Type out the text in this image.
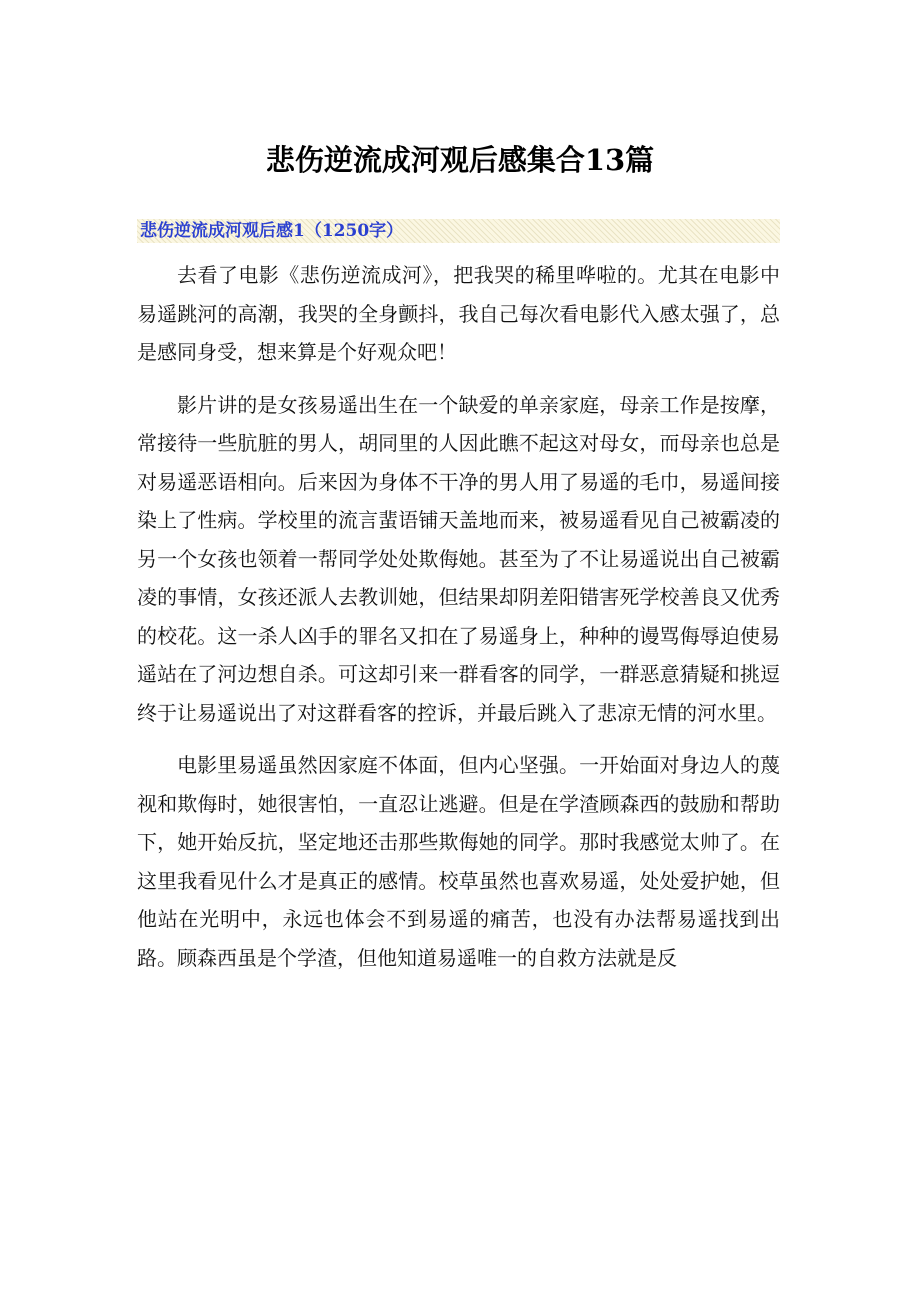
悲伤逆流成河观后感集合13篇
悲伤逆流成河观后感1（1250字）

去看了电影《悲伤逆流成河》，把我哭的稀里哗啦的。尤其在电影中易遥跳河的高潮，我哭的全身颤抖，我自己每次看电影代入感太强了，总是感同身受，想来算是个好观众吧！

影片讲的是女孩易遥出生在一个缺爱的单亲家庭，母亲工作是按摩，常接待一些肮脏的男人，胡同里的人因此瞧不起这对母女，而母亲也总是对易遥恶语相向。后来因为身体不干净的男人用了易遥的毛巾，易遥间接染上了性病。学校里的流言蜚语铺天盖地而来，被易遥看见自己被霸凌的另一个女孩也领着一帮同学处处欺侮她。甚至为了不让易遥说出自己被霸凌的事情，女孩还派人去教训她，但结果却阴差阳错害死学校善良又优秀的校花。这一杀人凶手的罪名又扣在了易遥身上，种种的谩骂侮辱迫使易遥站在了河边想自杀。可这却引来一群看客的同学，一群恶意猜疑和挑逗终于让易遥说出了对这群看客的控诉，并最后跳入了悲凉无情的河水里。

电影里易遥虽然因家庭不体面，但内心坚强。一开始面对身边人的蔑视和欺侮时，她很害怕，一直忍让逃避。但是在学渣顾森西的鼓励和帮助下，她开始反抗，坚定地还击那些欺侮她的同学。那时我感觉太帅了。在这里我看见什么才是真正的感情。校草虽然也喜欢易遥，处处爱护她，但他站在光明中，永远也体会不到易遥的痛苦，也没有办法帮易遥找到出路。顾森西虽是个学渣，但他知道易遥唯一的自救方法就是反
